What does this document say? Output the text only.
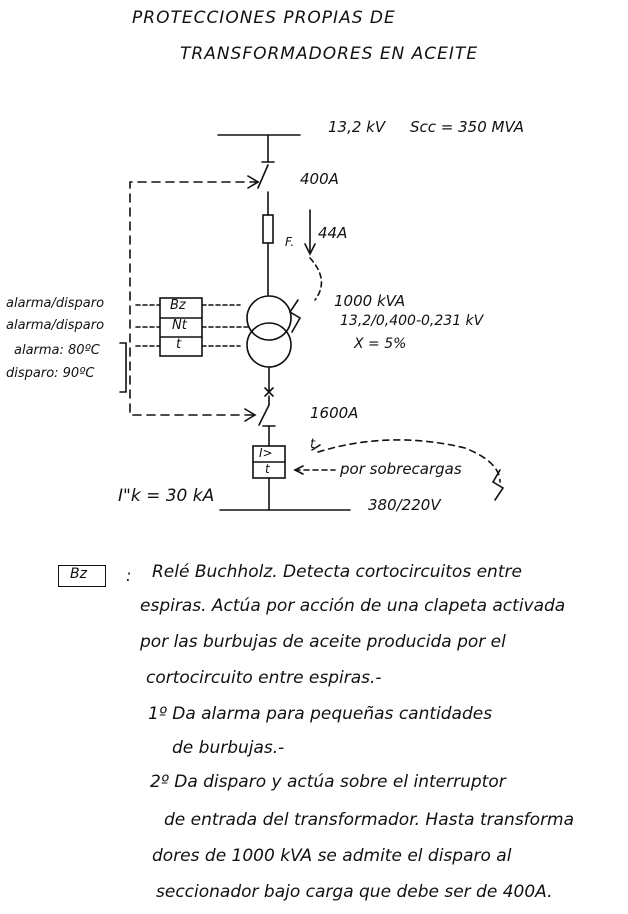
PROTECCIONES PROPIAS DE
TRANSFORMADORES EN ACEITE
13,2 kV Scc = 350 MVA
400A
F. 44A
1000 kVA
13,2/0,400-0,231 kV
X = 5%
1600A
I>
t
t
por sobrecargas
I"k = 30 kA	380/220V
Bz
Nt
t
alarma/disparo
alarma/disparo
alarma: 80ºC
disparo: 90ºC
Bz : Relé Buchholz. Detecta cortocircuitos entre
espiras. Actúa por acción de una clapeta activada
por las burbujas de aceite producida por el
cortocircuito entre espiras.-
1º Da alarma para pequeñas cantidades
de burbujas.-
2º Da disparo y actúa sobre el interruptor
de entrada del transformador. Hasta transforma
dores de 1000 kVA se admite el disparo al
seccionador bajo carga que debe ser de 400A.
